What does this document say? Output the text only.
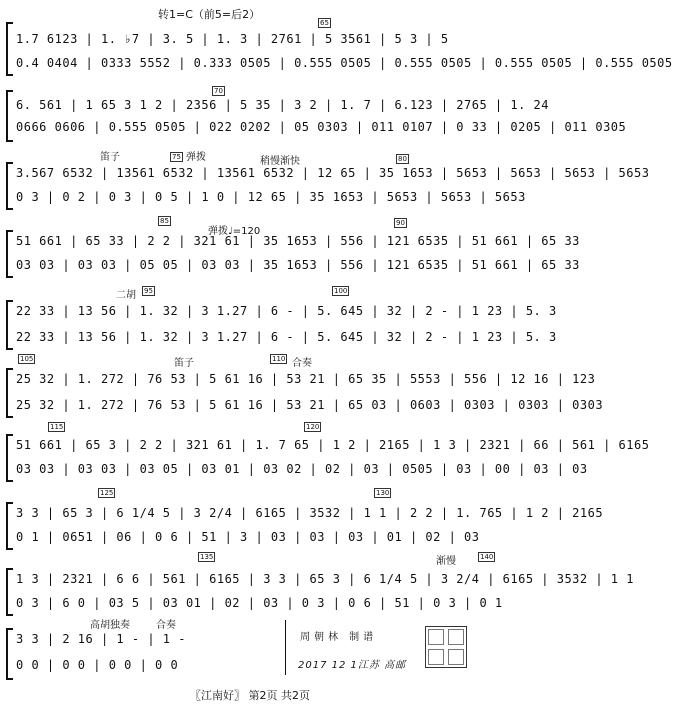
转1=C（前5=后2）
1.7 6123 | 1. ♭7 | 3. 5 | 1. 3 | 2761 | 5 3561 | 5 3 | 5
0.4 0404 | 0333 5552 | 0.333 0505 | 0.555 0505 | 0.555 0505 | 0.555 0505 | 0.555 0505
65
6. 561 | 1 65 3 1 2 | 2356 | 5 35 | 3 2 | 1. 7 | 6.123 | 2765 | 1. 24
0666 0606 | 0.555 0505 | 022 0202 | 05 0303 | 011 0107 | 0 33 | 0205 | 011 0305
70
3.567 6532 | 13561 6532 | 13561 6532 | 12 65 | 35 1653 | 5653 | 5653 | 5653 | 5653
0 3 | 0 2 | 0 3 | 0 5 | 1 0 | 12 65 | 35 1653 | 5653 | 5653 | 5653
笛子	75 弹拨	稍慢渐快	80
51 661 | 65 33 | 2 2 | 321 61 | 35 1653 | 556 | 121 6535 | 51 661 | 65 33
03 03 | 03 03 | 05 05 | 03 03 | 35 1653 | 556 | 121 6535 | 51 661 | 65 33
85
弹拨♩=120
90
22 33 | 13 56 | 1. 32 | 3 1.27 | 6 - | 5. 645 | 32 | 2 - | 1 23 | 5. 3
22 33 | 13 56 | 1. 32 | 3 1.27 | 6 - | 5. 645 | 32 | 2 - | 1 23 | 5. 3
二胡 95	100
25 32 | 1. 272 | 76 53 | 5 61 16 | 53 21 | 65 35 | 5553 | 556 | 12 16 | 123
25 32 | 1. 272 | 76 53 | 5 61 16 | 53 21 | 65 03 | 0603 | 0303 | 0303 | 0303
105	笛子	110 合奏
51 661 | 65 3 | 2 2 | 321 61 | 1. 7 65 | 1 2 | 2165 | 1 3 | 2321 | 66 | 561 | 6165
03 03 | 03 03 | 03 05 | 03 01 | 03 02 | 02 | 03 | 0505 | 03 | 00 | 03 | 03
115	120
3 3 | 65 3 | 6 1/4 5 | 3 2/4 | 6165 | 3532 | 1 1 | 2 2 | 1. 765 | 1 2 | 2165
0 1 | 0651 | 06 | 0 6 | 51 | 3 | 03 | 03 | 03 | 01 | 02 | 03
125	130
1 3 | 2321 | 6 6 | 561 | 6165 | 3 3 | 65 3 | 6 1/4 5 | 3 2/4 | 6165 | 3532 | 1 1
0 3 | 6 0 | 03 5 | 03 01 | 02 | 03 | 0 3 | 0 6 | 51 | 0 3 | 0 1
135	渐慢	140
3 3 | 2 16 | 1 - | 1 -
0 0 | 0 0 | 0 0 | 0 0
高胡独奏	合奏
周朝林 制谱
2017 12 1江苏 高邮
〖江南好〗 第2页 共2页
